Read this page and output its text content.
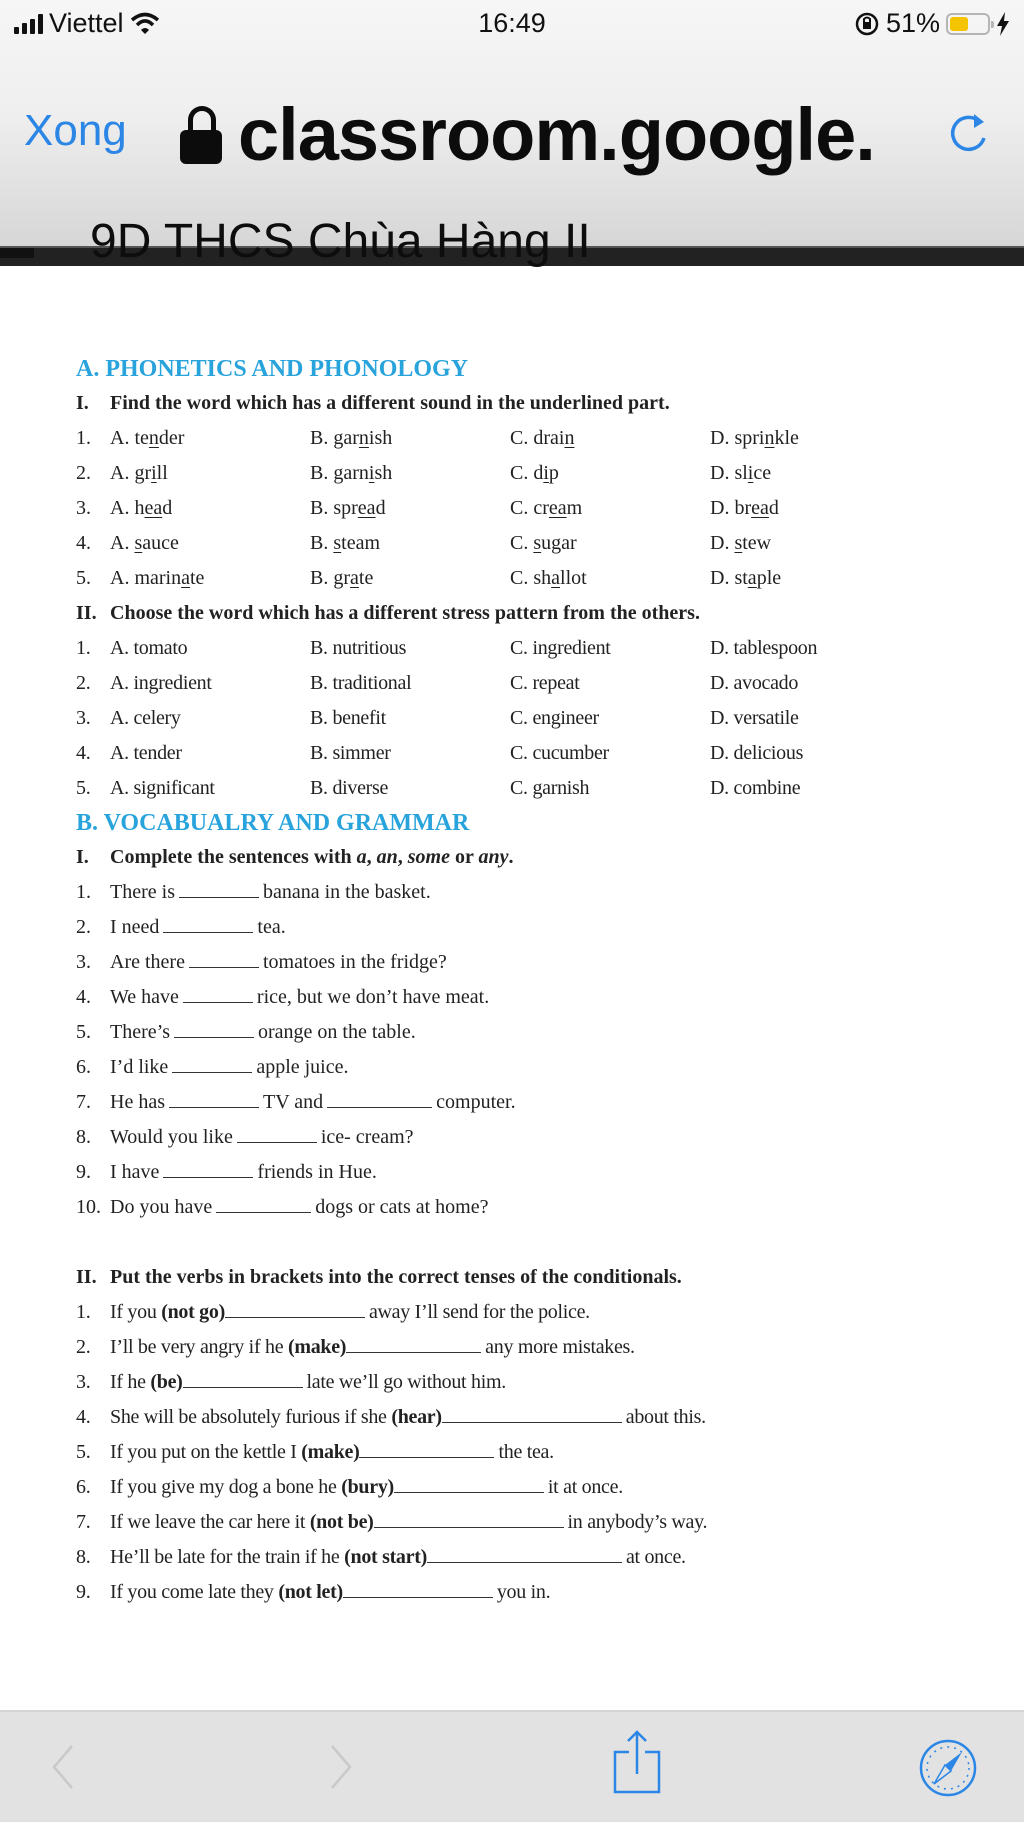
Viettel	16:49	51%
Xong classroom.google.
9D THCS Chùa Hàng II
A. PHONETICS AND PHONOLOGY
I. Find the word which has a different sound in the underlined part.
1. A. tender	B. garnish	C. drain	D. sprinkle
2. A. grill	B. garnish	C. dip	D. slice
3. A. head	B. spread	C. cream	D. bread
4. A. sauce	B. steam	C. sugar	D. stew
5. A. marinate	B. grate	C. shallot	D. staple
II. Choose the word which has a different stress pattern from the others.
1. A. tomato	B. nutritious	C. ingredient	D. tablespoon
2. A. ingredient	B. traditional	C. repeat	D. avocado
3. A. celery	B. benefit	C. engineer	D. versatile
4. A. tender	B. simmer	C. cucumber	D. delicious
5. A. significant	B. diverse	C. garnish	D. combine
B. VOCABUALRY AND GRAMMAR
I. Complete the sentences with a, an, some or any.
1. There is	banana in the basket.
2. I need	tea.
3. Are there	tomatoes in the fridge?
4. We have	rice, but we don’t have meat.
5. There’s	orange on the table.
6. I’d like	apple juice.
7. He has	TV and	computer.
8. Would you like	ice- cream?
9. I have	friends in Hue.
10. Do you have	dogs or cats at home?
II. Put the verbs in brackets into the correct tenses of the conditionals.
1. If you (not go)	away I’ll send for the police.
2. I’ll be very angry if he (make)	any more mistakes.
3. If he (be)	late we’ll go without him.
4. She will be absolutely furious if she (hear)	about this.
5. If you put on the kettle I (make)	the tea.
6. If you give my dog a bone he (bury)	it at once.
7. If we leave the car here it (not be)	in anybody’s way.
8. He’ll be late for the train if he (not start)	at once.
9. If you come late they (not let)	you in.
